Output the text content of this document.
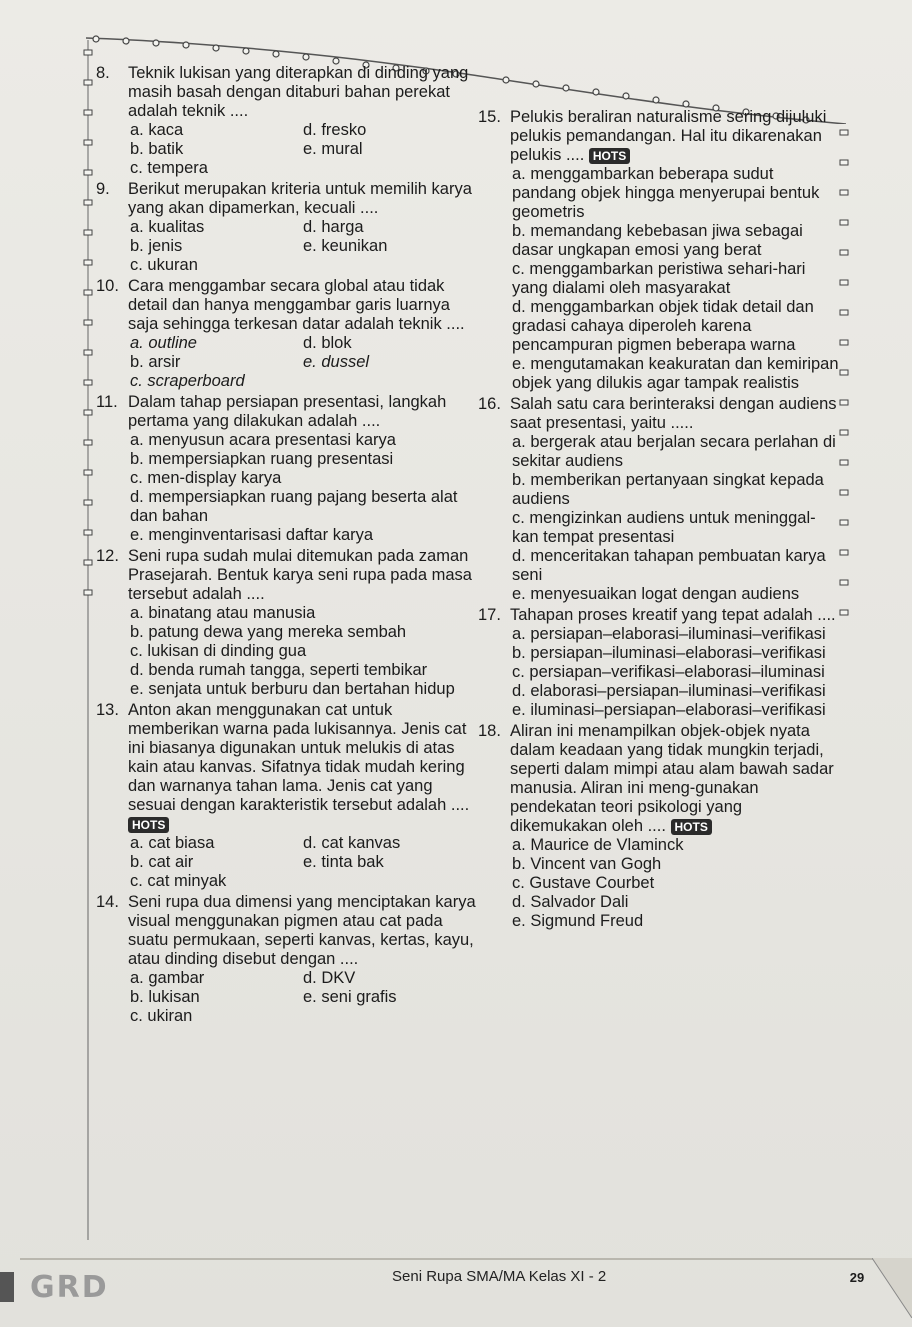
8. Teknik lukisan yang diterapkan di dinding yang masih basah dengan ditaburi bahan perekat adalah teknik ....
a. kaca	d. fresko
b. batik	e. mural
c. tempera
9. Berikut merupakan kriteria untuk memilih karya yang akan dipamerkan, kecuali ....
a. kualitas	d. harga
b. jenis	e. keunikan
c. ukuran
10. Cara menggambar secara global atau tidak detail dan hanya menggambar garis luarnya saja sehingga terkesan datar adalah teknik ....
a. outline	d. blok
b. arsir	e. dussel
c. scraperboard
11. Dalam tahap persiapan presentasi, langkah pertama yang dilakukan adalah ....
a. menyusun acara presentasi karya
b. mempersiapkan ruang presentasi
c. men-display karya
d. mempersiapkan ruang pajang beserta alat dan bahan
e. menginventarisasi daftar karya
12. Seni rupa sudah mulai ditemukan pada zaman Prasejarah. Bentuk karya seni rupa pada masa tersebut adalah ....
a. binatang atau manusia
b. patung dewa yang mereka sembah
c. lukisan di dinding gua
d. benda rumah tangga, seperti tembikar
e. senjata untuk berburu dan bertahan hidup
13. Anton akan menggunakan cat untuk memberikan warna pada lukisannya. Jenis cat ini biasanya digunakan untuk melukis di atas kain atau kanvas. Sifatnya tidak mudah kering dan warnanya tahan lama. Jenis cat yang sesuai dengan karakteristik tersebut adalah .... HOTS
a. cat biasa	d. cat kanvas
b. cat air	e. tinta bak
c. cat minyak
14. Seni rupa dua dimensi yang menciptakan karya visual menggunakan pigmen atau cat pada suatu permukaan, seperti kanvas, kertas, kayu, atau dinding disebut dengan ....
a. gambar	d. DKV
b. lukisan	e. seni grafis
c. ukiran
15. Pelukis beraliran naturalisme sering dijuluki pelukis pemandangan. Hal itu dikarenakan pelukis .... HOTS
a. menggambarkan beberapa sudut pandang objek hingga menyerupai bentuk geometris
b. memandang kebebasan jiwa sebagai dasar ungkapan emosi yang berat
c. menggambarkan peristiwa sehari-hari yang dialami oleh masyarakat
d. menggambarkan objek tidak detail dan gradasi cahaya diperoleh karena pencampuran pigmen beberapa warna
e. mengutamakan keakuratan dan kemiripan objek yang dilukis agar tampak realistis
16. Salah satu cara berinteraksi dengan audiens saat presentasi, yaitu .....
a. bergerak atau berjalan secara perlahan di sekitar audiens
b. memberikan pertanyaan singkat kepada audiens
c. mengizinkan audiens untuk meninggal-kan tempat presentasi
d. menceritakan tahapan pembuatan karya seni
e. menyesuaikan logat dengan audiens
17. Tahapan proses kreatif yang tepat adalah ....
a. persiapan–elaborasi–iluminasi–verifikasi
b. persiapan–iluminasi–elaborasi–verifikasi
c. persiapan–verifikasi–elaborasi–iluminasi
d. elaborasi–persiapan–iluminasi–verifikasi
e. iluminasi–persiapan–elaborasi–verifikasi
18. Aliran ini menampilkan objek-objek nyata dalam keadaan yang tidak mungkin terjadi, seperti dalam mimpi atau alam bawah sadar manusia. Aliran ini meng-gunakan pendekatan teori psikologi yang dikemukakan oleh .... HOTS
a. Maurice de Vlaminck
b. Vincent van Gogh
c. Gustave Courbet
d. Salvador Dali
e. Sigmund Freud
GRD	Seni Rupa SMA/MA Kelas XI - 2	29
